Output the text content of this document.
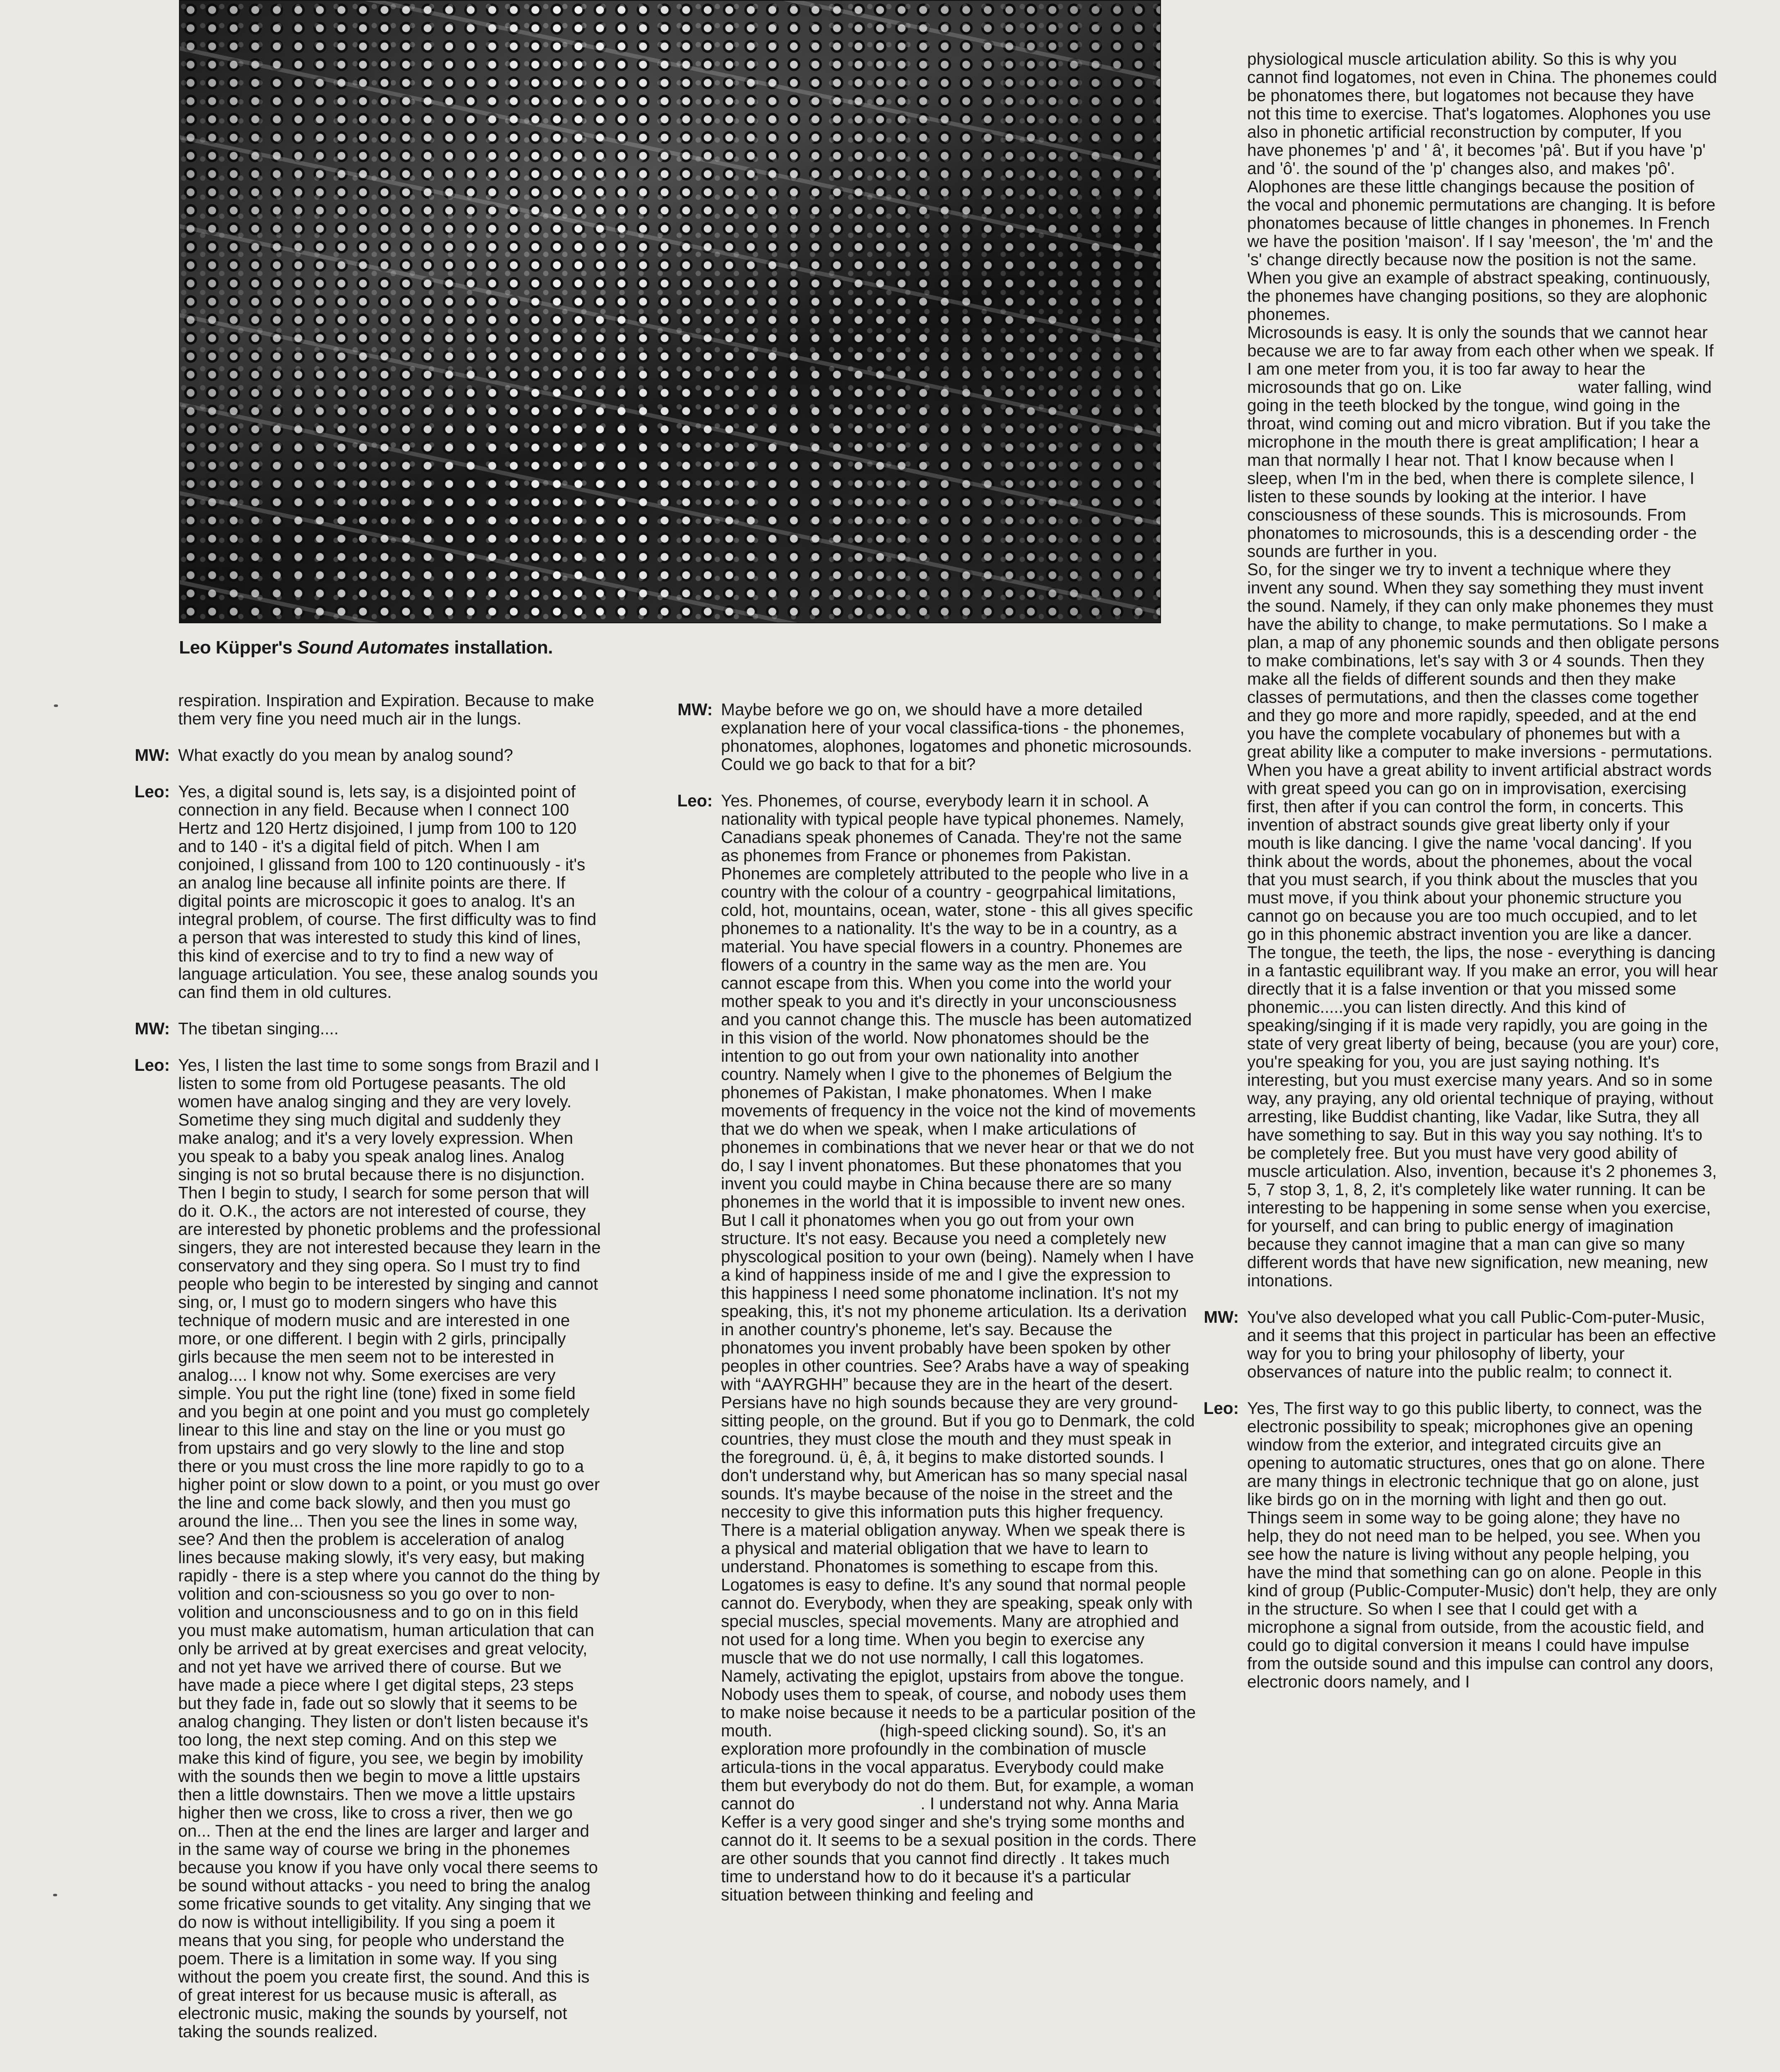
Leo Küpper's Sound Automates installation.
respiration. Inspiration and Expiration. Because to make them very fine you need much air in the lungs.
MW: What exactly do you mean by analog sound?
Leo: Yes, a digital sound is, lets say, is a disjointed point of connection in any field. Because when I connect 100 Hertz and 120 Hertz disjoined, I jump from 100 to 120 and to 140 - it's a digital field of pitch. When I am conjoined, I glissand from 100 to 120 continuously - it's an analog line because all infinite points are there. If digital points are microscopic it goes to analog. It's an integral problem, of course. The first difficulty was to find a person that was interested to study this kind of lines, this kind of exercise and to try to find a new way of language articulation. You see, these analog sounds you can find them in old cultures.
MW: The tibetan singing....
Leo: Yes, I listen the last time to some songs from Brazil and I listen to some from old Portugese peasants. The old women have analog singing and they are very lovely. Sometime they sing much digital and suddenly they make analog; and it's a very lovely expression. When you speak to a baby you speak analog lines. Analog singing is not so brutal because there is no disjunction. Then I begin to study, I search for some person that will do it. O.K., the actors are not interested of course, they are interested by phonetic problems and the professional singers, they are not interested because they learn in the conservatory and they sing opera. So I must try to find people who begin to be interested by singing and cannot sing, or, I must go to modern singers who have this technique of modern music and are interested in one more, or one different. I begin with 2 girls, principally girls because the men seem not to be interested in analog.... I know not why. Some exercises are very simple. You put the right line (tone) fixed in some field and you begin at one point and you must go completely linear to this line and stay on the line or you must go from upstairs and go very slowly to the line and stop there or you must cross the line more rapidly to go to a higher point or slow down to a point, or you must go over the line and come back slowly, and then you must go around the line... Then you see the lines in some way, see? And then the problem is acceleration of analog lines because making slowly, it's very easy, but making rapidly - there is a step where you cannot do the thing by volition and con-sciousness so you go over to non-volition and unconsciousness and to go on in this field you must make automatism, human articulation that can only be arrived at by great exercises and great velocity, and not yet have we arrived there of course. But we have made a piece where I get digital steps, 23 steps but they fade in, fade out so slowly that it seems to be analog changing. They listen or don't listen because it's too long, the next step coming. And on this step we make this kind of figure, you see, we begin by imobility with the sounds then we begin to move a little upstairs then a little downstairs. Then we move a little upstairs higher then we cross, like to cross a river, then we go on... Then at the end the lines are larger and larger and in the same way of course we bring in the phonemes because you know if you have only vocal there seems to be sound without attacks - you need to bring the analog some fricative sounds to get vitality. Any singing that we do now is without intelligibility. If you sing a poem it means that you sing, for people who understand the poem. There is a limitation in some way. If you sing without the poem you create first, the sound. And this is of great interest for us because music is afterall, as electronic music, making the sounds by yourself, not taking the sounds realized.
MW: Maybe before we go on, we should have a more detailed explanation here of your vocal classifica-tions - the phonemes, phonatomes, alophones, logatomes and phonetic microsounds. Could we go back to that for a bit?
Leo: Yes. Phonemes, of course, everybody learn it in school. A nationality with typical people have typical phonemes. Namely, Canadians speak phonemes of Canada. They're not the same as phonemes from France or phonemes from Pakistan. Phonemes are completely attributed to the people who live in a country with the colour of a country - geogrpahical limitations, cold, hot, mountains, ocean, water, stone - this all gives specific phonemes to a nationality. It's the way to be in a country, as a material. You have special flowers in a country. Phonemes are flowers of a country in the same way as the men are. You cannot escape from this. When you come into the world your mother speak to you and it's directly in your unconsciousness and you cannot change this. The muscle has been automatized in this vision of the world. Now phonatomes should be the intention to go out from your own nationality into another country. Namely when I give to the phonemes of Belgium the phonemes of Pakistan, I make phonatomes. When I make movements of frequency in the voice not the kind of movements that we do when we speak, when I make articulations of phonemes in combinations that we never hear or that we do not do, I say I invent phonatomes. But these phonatomes that you invent you could maybe in China because there are so many phonemes in the world that it is impossible to invent new ones. But I call it phonatomes when you go out from your own structure. It's not easy. Because you need a completely new physcological position to your own (being). Namely when I have a kind of happiness inside of me and I give the expression to this happiness I need some phonatome inclination. It's not my speaking, this, it's not my phoneme articulation. Its a derivation in another country's phoneme, let's say. Because the phonatomes you invent probably have been spoken by other peoples in other countries. See? Arabs have a way of speaking with “AAYRGHH” because they are in the heart of the desert. Persians have no high sounds because they are very ground-sitting people, on the ground. But if you go to Denmark, the cold countries, they must close the mouth and they must speak in the foreground. ü, ê, â, it begins to make distorted sounds. I don't understand why, but American has so many special nasal sounds. It's maybe because of the noise in the street and the neccesity to give this information puts this higher frequency. There is a material obligation anyway. When we speak there is a physical and material obligation that we have to learn to understand. Phonatomes is something to escape from this. Logatomes is easy to define. It's any sound that normal people cannot do. Everybody, when they are speaking, speak only with special muscles, special movements. Many are atrophied and not used for a long time. When you begin to exercise any muscle that we do not use normally, I call this logatomes. Namely, activating the epiglot, upstairs from above the tongue. Nobody uses them to speak, of course, and nobody uses them to make noise because it needs to be a particular position of the mouth.                       (high-speed clicking sound). So, it's an exploration more profoundly in the combination of muscle articula-tions in the vocal apparatus. Everybody could make them but everybody do not do them. But, for example, a woman cannot do                           . I understand not why. Anna Maria Keffer is a very good singer and she's trying some months and cannot do it. It seems to be a sexual position in the cords. There are other sounds that you cannot find directly . It takes much time to understand how to do it because it's a particular situation between thinking and feeling and
physiological muscle articulation ability. So this is why you cannot find logatomes, not even in China. The phonemes could be phonatomes there, but logatomes not because they have not this time to exercise. That's logatomes. Alophones you use also in phonetic artificial reconstruction by computer, If you have phonemes 'p' and ' â', it becomes 'pâ'. But if you have 'p' and 'ô'. the sound of the 'p' changes also, and makes 'pô'. Alophones are these little changings because the position of the vocal and phonemic permutations are changing. It is before phonatomes because of little changes in phonemes. In French we have the position 'maison'. If I say 'meeson', the 'm' and the 's' change directly because now the position is not the same. When you give an example of abstract speaking, continuously, the phonemes have changing positions, so they are alophonic phonemes.
Microsounds is easy. It is only the sounds that we cannot hear because we are to far away from each other when we speak. If I am one meter from you, it is too far away to hear the microsounds that go on. Like                         water falling, wind going in the teeth blocked by the tongue, wind going in the throat, wind coming out and micro vibration. But if you take the microphone in the mouth there is great amplification; I hear a man that normally I hear not. That I know because when I sleep, when I'm in the bed, when there is complete silence, I listen to these sounds by looking at the interior. I have consciousness of these sounds. This is microsounds. From phonatomes to microsounds, this is a descending order - the sounds are further in you.
So, for the singer we try to invent a technique where they invent any sound. When they say something they must invent the sound. Namely, if they can only make phonemes they must have the ability to change, to make permutations. So I make a plan, a map of any phonemic sounds and then obligate persons to make combinations, let's say with 3 or 4 sounds. Then they make all the fields of different sounds and then they make classes of permutations, and then the classes come together and they go more and more rapidly, speeded, and at the end you have the complete vocabulary of phonemes but with a great ability like a computer to make inversions - permutations.
When you have a great ability to invent artificial abstract words with great speed you can go on in improvisation, exercising first, then after if you can control the form, in concerts. This invention of abstract sounds give great liberty only if your mouth is like dancing. I give the name 'vocal dancing'. If you think about the words, about the phonemes, about the vocal that you must search, if you think about the muscles that you must move, if you think about your phonemic structure you cannot go on because you are too much occupied, and to let go in this phonemic abstract invention you are like a dancer. The tongue, the teeth, the lips, the nose - everything is dancing in a fantastic equilibrant way. If you make an error, you will hear directly that it is a false invention or that you missed some phonemic.....you can listen directly. And this kind of speaking/singing if it is made very rapidly, you are going in the state of very great liberty of being, because (you are your) core, you're speaking for you, you are just saying nothing. It's interesting, but you must exercise many years. And so in some way, any praying, any old oriental technique of praying, without arresting, like Buddist chanting, like Vadar, like Sutra, they all have something to say. But in this way you say nothing. It's to be completely free. But you must have very good ability of muscle articulation. Also, invention, because it's 2 phonemes 3, 5, 7 stop 3, 1, 8, 2, it's completely like water running. It can be interesting to be happening in some sense when you exercise, for yourself, and can bring to public energy of imagination because they cannot imagine that a man can give so many different words that have new signification, new meaning, new intonations.
MW: You've also developed what you call Public-Com-puter-Music, and it seems that this project in particular has been an effective way for you to bring your philosophy of liberty, your observances of nature into the public realm; to connect it.
Leo: Yes, The first way to go this public liberty, to connect, was the electronic possibility to speak; microphones give an opening window from the exterior, and integrated circuits give an opening to automatic structures, ones that go on alone. There are many things in electronic technique that go on alone, just like birds go on in the morning with light and then go out. Things seem in some way to be going alone; they have no help, they do not need man to be helped, you see. When you see how the nature is living without any people helping, you have the mind that something can go on alone. People in this kind of group (Public-Computer-Music) don't help, they are only in the structure. So when I see that I could get with a microphone a signal from outside, from the acoustic field, and could go to digital conversion it means I could have impulse from the outside sound and this impulse can control any doors, electronic doors namely, and I
